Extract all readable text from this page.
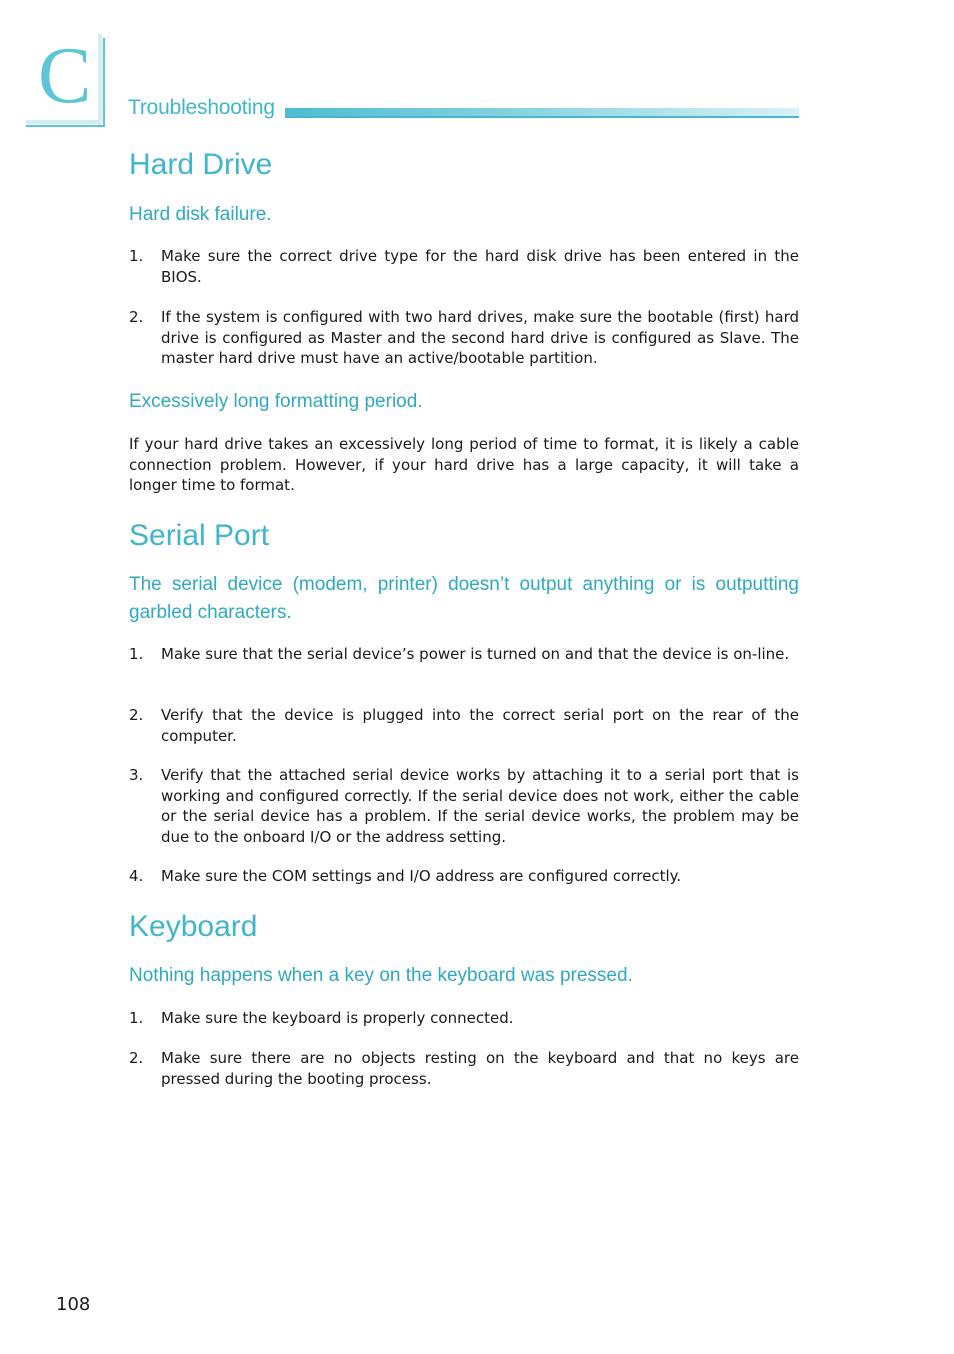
C Troubleshooting
Hard Drive
Hard disk failure.
1.	Make sure the correct drive type for the hard disk drive has been entered in the BIOS.
2.	If the system is configured with two hard drives, make sure the bootable (first) hard drive is configured as Master and the second hard drive is configured as Slave. The master hard drive must have an active/bootable partition.
Excessively long formatting period.

If your hard drive takes an excessively long period of time to format, it is likely a cable connection problem. However, if your hard drive has a large capacity, it will take a longer time to format.

Serial Port
The serial device (modem, printer) doesn’t output anything or is outputting garbled characters.
1.	Make sure that the serial device’s power is turned on and that the device is on-line.
2.	Verify that the device is plugged into the correct serial port on the rear of the computer.
3.	Verify that the attached serial device works by attaching it to a serial port that is working and configured correctly. If the serial device does not work, either the cable or the serial device has a problem. If the serial device works, the problem may be due to the onboard I/O or the address setting.
4.	Make sure the COM settings and I/O address are configured correctly.
Keyboard
Nothing happens when a key on the keyboard was pressed.
1.	Make sure the keyboard is properly connected.
2.	Make sure there are no objects resting on the keyboard and that no keys are pressed during the booting process.
108
